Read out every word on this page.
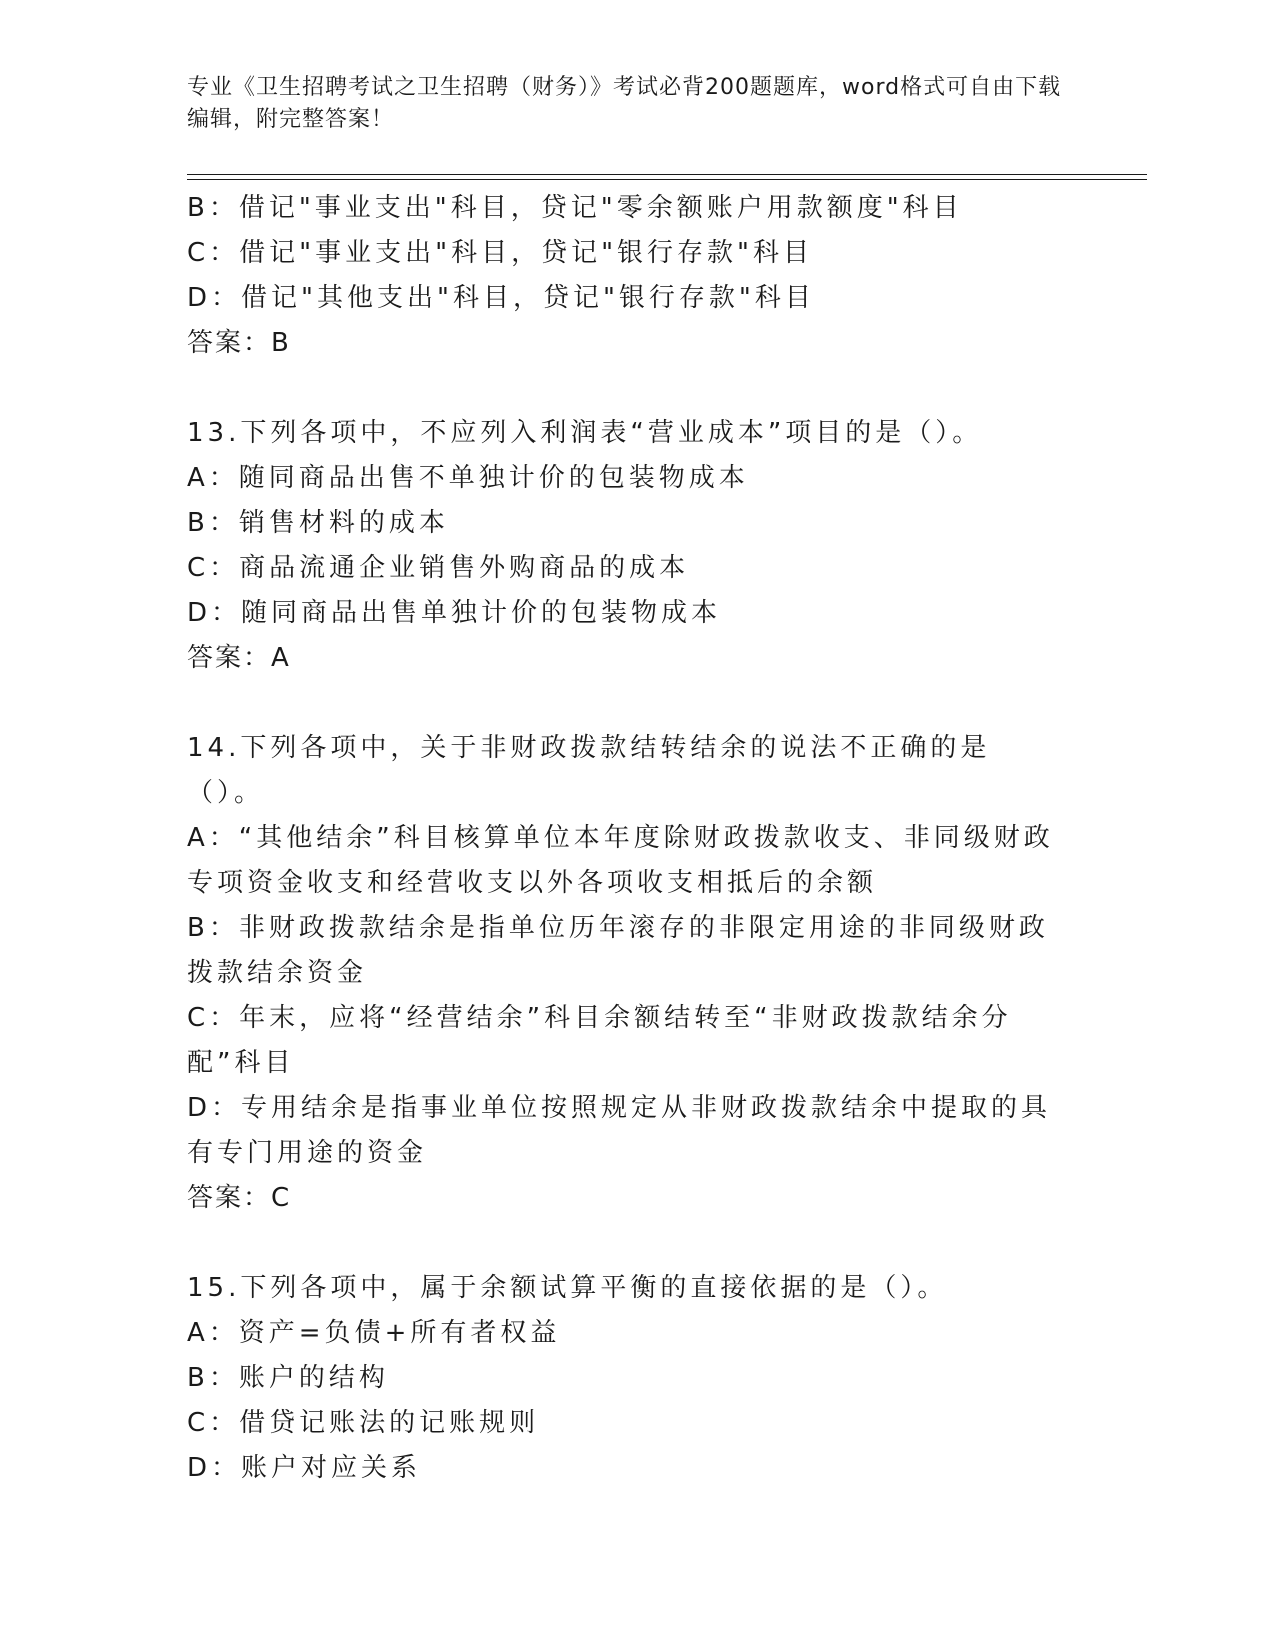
专业《卫生招聘考试之卫生招聘（财务）》考试必背200题题库，word格式可自由下载编辑，附完整答案！

B：借记"事业支出"科目，贷记"零余额账户用款额度"科目

C：借记"事业支出"科目，贷记"银行存款"科目

D：借记"其他支出"科目，贷记"银行存款"科目

答案：B

13.下列各项中，不应列入利润表“营业成本”项目的是（）。

A：随同商品出售不单独计价的包装物成本

B：销售材料的成本

C：商品流通企业销售外购商品的成本

D：随同商品出售单独计价的包装物成本

答案：A

14.下列各项中，关于非财政拨款结转结余的说法不正确的是（）。

A：“其他结余”科目核算单位本年度除财政拨款收支、非同级财政专项资金收支和经营收支以外各项收支相抵后的余额

B：非财政拨款结余是指单位历年滚存的非限定用途的非同级财政拨款结余资金

C：年末，应将“经营结余”科目余额结转至“非财政拨款结余分配”科目

D：专用结余是指事业单位按照规定从非财政拨款结余中提取的具有专门用途的资金

答案：C

15.下列各项中，属于余额试算平衡的直接依据的是（）。

A：资产=负债+所有者权益

B：账户的结构

C：借贷记账法的记账规则

D：账户对应关系
